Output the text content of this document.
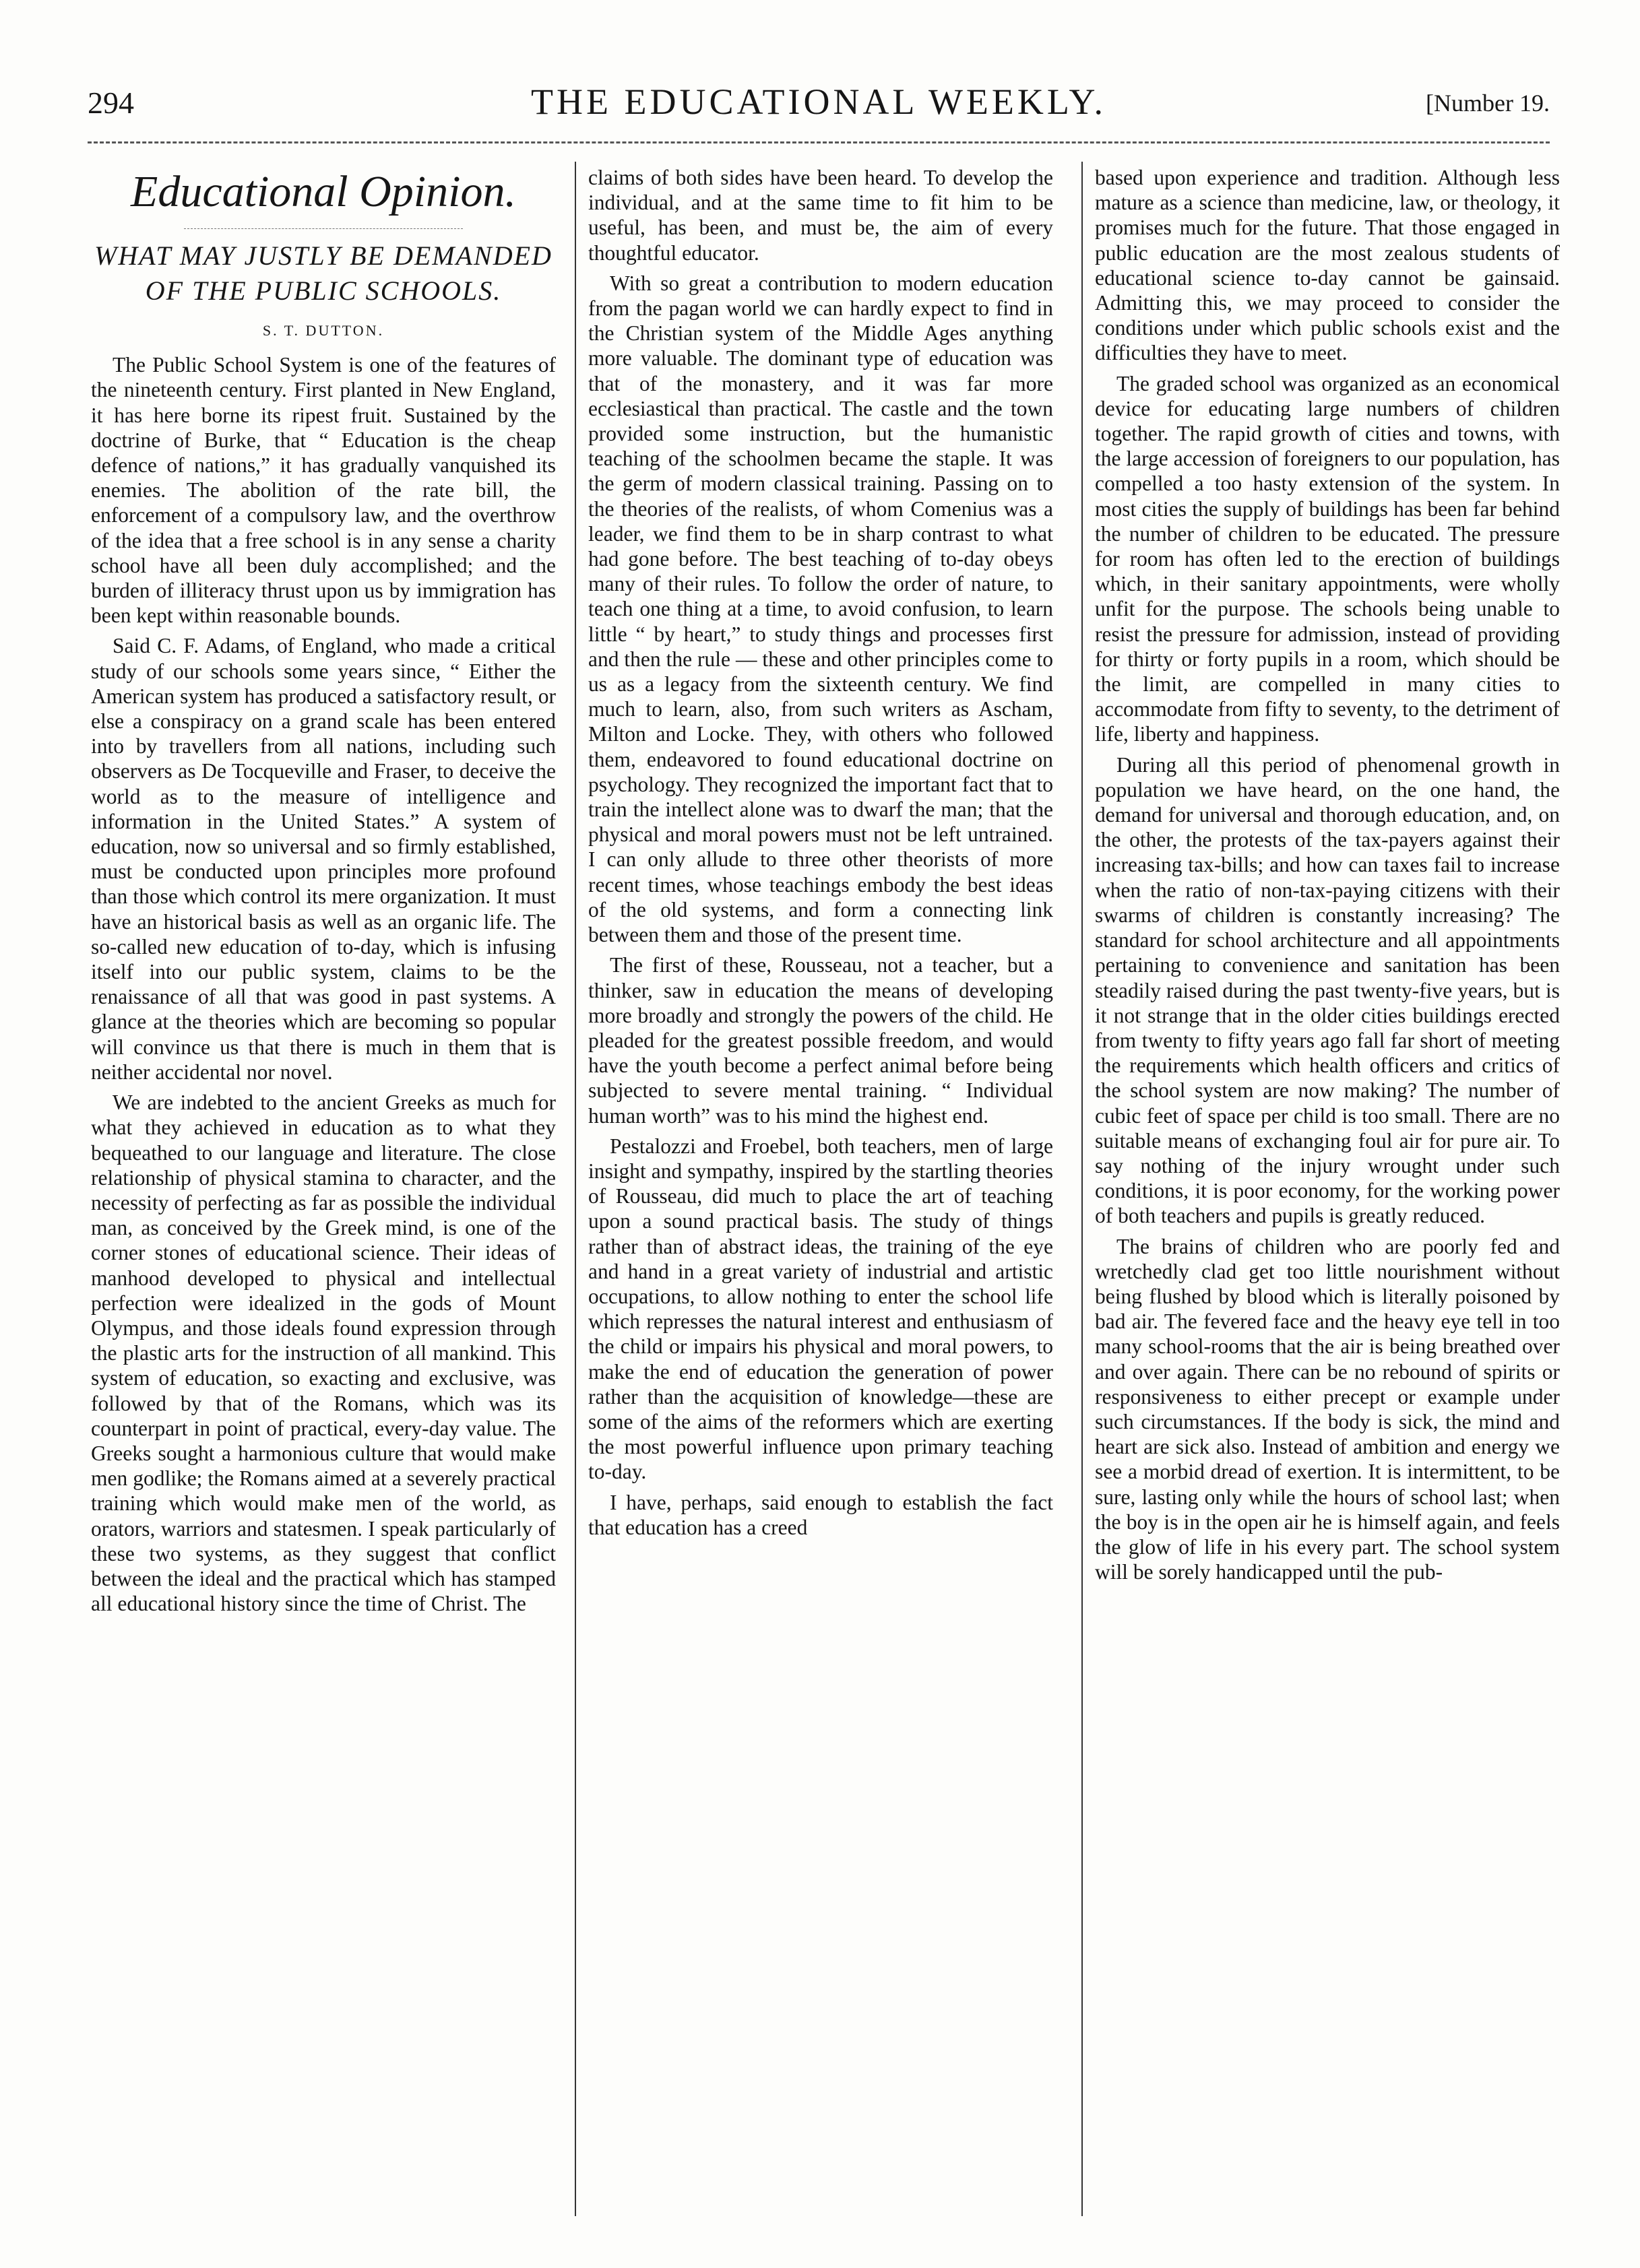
294	THE EDUCATIONAL WEEKLY.	[Number 19.
Educational Opinion.
WHAT MAY JUSTLY BE DEMANDED OF THE PUBLIC SCHOOLS.
S. T. DUTTON.

The Public School System is one of the features of the nineteenth century. First planted in New England, it has here borne its ripest fruit. Sustained by the doctrine of Burke, that “ Education is the cheap defence of nations,” it has gradually vanquished its enemies. The abolition of the rate bill, the enforcement of a compulsory law, and the overthrow of the idea that a free school is in any sense a charity school have all been duly accomplished; and the burden of illiteracy thrust upon us by immigration has been kept within reasonable bounds.

Said C. F. Adams, of England, who made a critical study of our schools some years since, “ Either the American system has produced a satisfactory result, or else a conspiracy on a grand scale has been entered into by travellers from all nations, including such observers as De Tocqueville and Fraser, to deceive the world as to the measure of intelligence and information in the United States.” A system of education, now so universal and so firmly established, must be conducted upon principles more profound than those which control its mere organization. It must have an historical basis as well as an organic life. The so-called new education of to-day, which is infusing itself into our public system, claims to be the renaissance of all that was good in past systems. A glance at the theories which are becoming so popular will convince us that there is much in them that is neither accidental nor novel.

We are indebted to the ancient Greeks as much for what they achieved in education as to what they bequeathed to our language and literature. The close relationship of physical stamina to character, and the necessity of perfecting as far as possible the individual man, as conceived by the Greek mind, is one of the corner stones of educational science. Their ideas of manhood developed to physical and intellectual perfection were idealized in the gods of Mount Olympus, and those ideals found expression through the plastic arts for the instruction of all mankind. This system of education, so exacting and exclusive, was followed by that of the Romans, which was its counterpart in point of practical, every-day value. The Greeks sought a harmonious culture that would make men godlike; the Romans aimed at a severely practical training which would make men of the world, as orators, warriors and statesmen. I speak particularly of these two systems, as they suggest that conflict between the ideal and the practical which has stamped all educational history since the time of Christ. The

claims of both sides have been heard. To develop the individual, and at the same time to fit him to be useful, has been, and must be, the aim of every thoughtful educator.

With so great a contribution to modern education from the pagan world we can hardly expect to find in the Christian system of the Middle Ages anything more valuable. The dominant type of education was that of the monastery, and it was far more ecclesiastical than practical. The castle and the town provided some instruction, but the humanistic teaching of the schoolmen became the staple. It was the germ of modern classical training. Passing on to the theories of the realists, of whom Comenius was a leader, we find them to be in sharp contrast to what had gone before. The best teaching of to-day obeys many of their rules. To follow the order of nature, to teach one thing at a time, to avoid confusion, to learn little “ by heart,” to study things and processes first and then the rule — these and other principles come to us as a legacy from the sixteenth century. We find much to learn, also, from such writers as Ascham, Milton and Locke. They, with others who followed them, endeavored to found educational doctrine on psychology. They recognized the important fact that to train the intellect alone was to dwarf the man; that the physical and moral powers must not be left untrained. I can only allude to three other theorists of more recent times, whose teachings embody the best ideas of the old systems, and form a connecting link between them and those of the present time.

The first of these, Rousseau, not a teacher, but a thinker, saw in education the means of developing more broadly and strongly the powers of the child. He pleaded for the greatest possible freedom, and would have the youth become a perfect animal before being subjected to severe mental training. “ Individual human worth” was to his mind the highest end.

Pestalozzi and Froebel, both teachers, men of large insight and sympathy, inspired by the startling theories of Rousseau, did much to place the art of teaching upon a sound practical basis. The study of things rather than of abstract ideas, the training of the eye and hand in a great variety of industrial and artistic occupations, to allow nothing to enter the school life which represses the natural interest and enthusiasm of the child or impairs his physical and moral powers, to make the end of education the generation of power rather than the acquisition of knowledge—these are some of the aims of the reformers which are exerting the most powerful influence upon primary teaching to-day.

I have, perhaps, said enough to establish the fact that education has a creed

based upon experience and tradition. Although less mature as a science than medicine, law, or theology, it promises much for the future. That those engaged in public education are the most zealous students of educational science to-day cannot be gainsaid. Admitting this, we may proceed to consider the conditions under which public schools exist and the difficulties they have to meet.

The graded school was organized as an economical device for educating large numbers of children together. The rapid growth of cities and towns, with the large accession of foreigners to our population, has compelled a too hasty extension of the system. In most cities the supply of buildings has been far behind the number of children to be educated. The pressure for room has often led to the erection of buildings which, in their sanitary appointments, were wholly unfit for the purpose. The schools being unable to resist the pressure for admission, instead of providing for thirty or forty pupils in a room, which should be the limit, are compelled in many cities to accommodate from fifty to seventy, to the detriment of life, liberty and happiness.

During all this period of phenomenal growth in population we have heard, on the one hand, the demand for universal and thorough education, and, on the other, the protests of the tax-payers against their increasing tax-bills; and how can taxes fail to increase when the ratio of non-tax-paying citizens with their swarms of children is constantly increasing? The standard for school architecture and all appointments pertaining to convenience and sanitation has been steadily raised during the past twenty-five years, but is it not strange that in the older cities buildings erected from twenty to fifty years ago fall far short of meeting the requirements which health officers and critics of the school system are now making? The number of cubic feet of space per child is too small. There are no suitable means of exchanging foul air for pure air. To say nothing of the injury wrought under such conditions, it is poor economy, for the working power of both teachers and pupils is greatly reduced.

The brains of children who are poorly fed and wretchedly clad get too little nourishment without being flushed by blood which is literally poisoned by bad air. The fevered face and the heavy eye tell in too many school-rooms that the air is being breathed over and over again. There can be no rebound of spirits or responsiveness to either precept or example under such circumstances. If the body is sick, the mind and heart are sick also. Instead of ambition and energy we see a morbid dread of exertion. It is intermittent, to be sure, lasting only while the hours of school last; when the boy is in the open air he is himself again, and feels the glow of life in his every part. The school system will be sorely handicapped until the pub-
